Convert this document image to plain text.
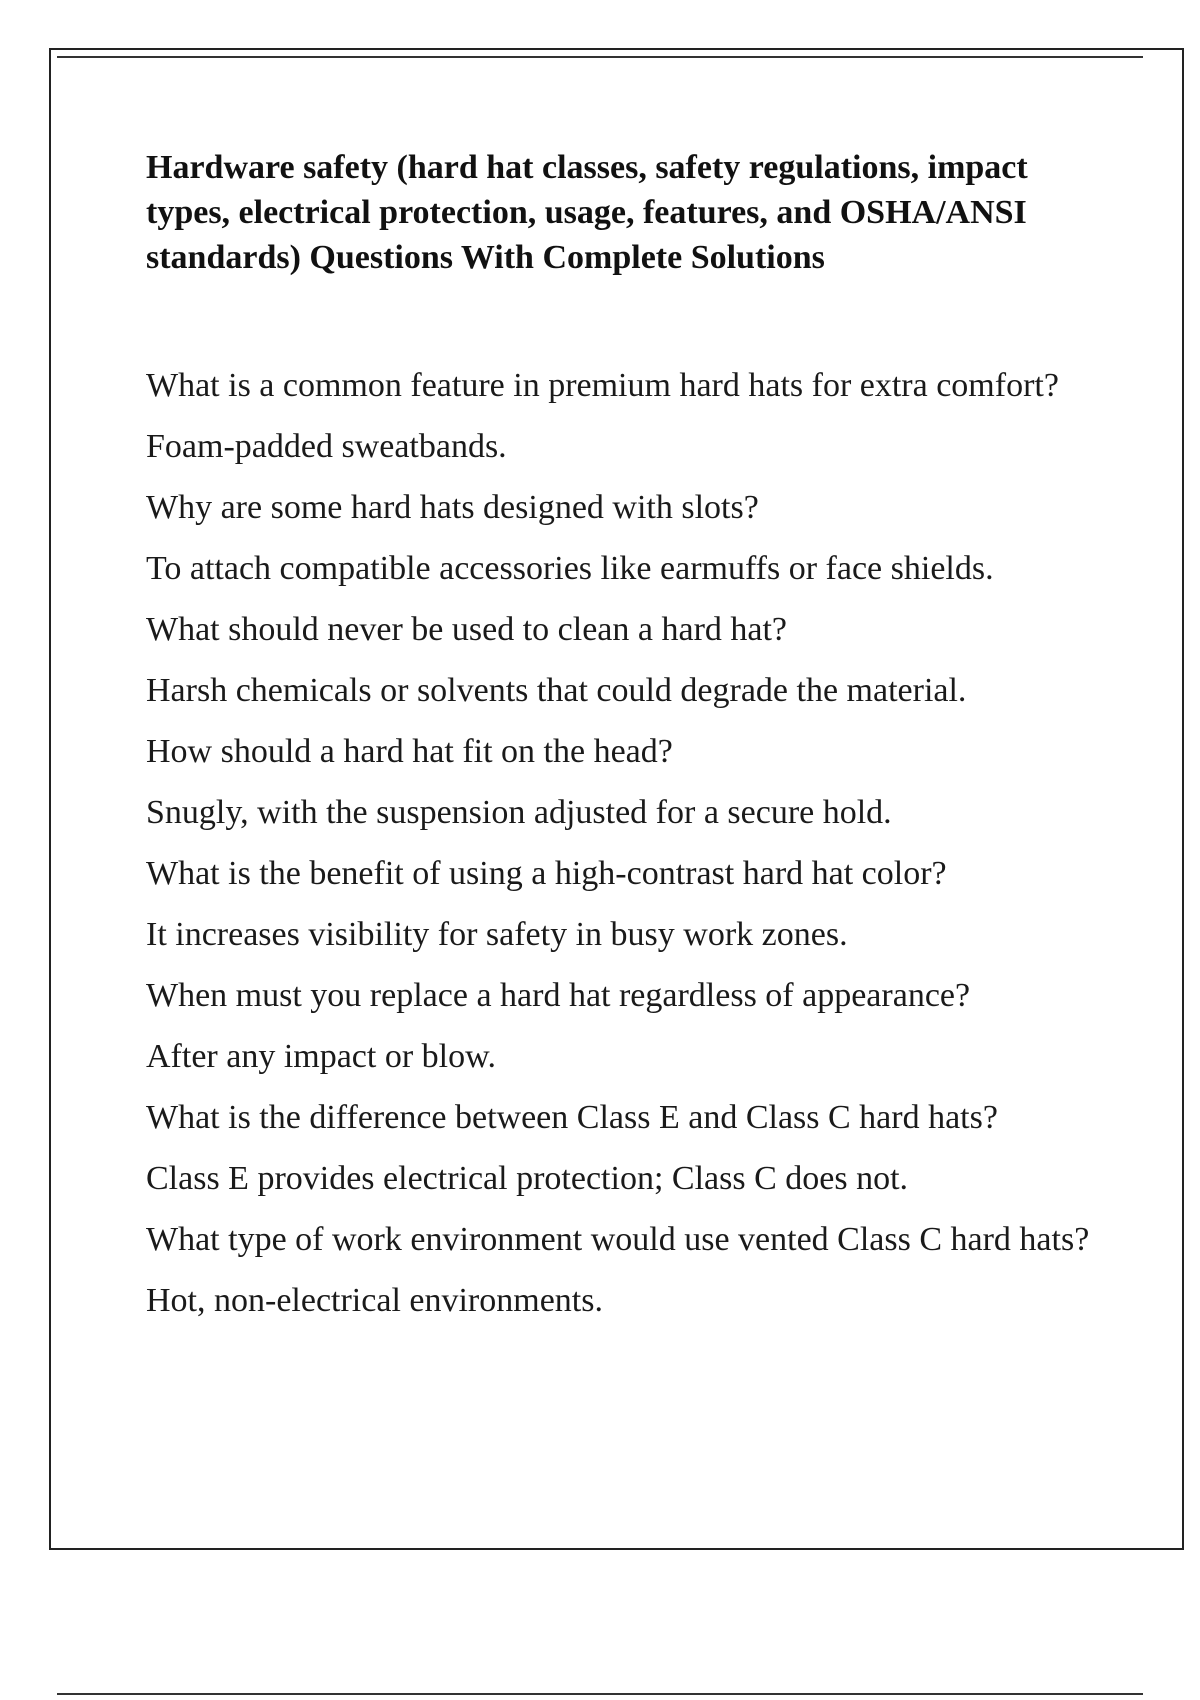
Hardware safety (hard hat classes, safety regulations, impact types, electrical protection, usage, features, and OSHA/ANSI standards) Questions With Complete Solutions

What is a common feature in premium hard hats for extra comfort?

Foam-padded sweatbands.

Why are some hard hats designed with slots?

To attach compatible accessories like earmuffs or face shields.

What should never be used to clean a hard hat?

Harsh chemicals or solvents that could degrade the material.

How should a hard hat fit on the head?

Snugly, with the suspension adjusted for a secure hold.

What is the benefit of using a high-contrast hard hat color?

It increases visibility for safety in busy work zones.

When must you replace a hard hat regardless of appearance?

After any impact or blow.

What is the difference between Class E and Class C hard hats?

Class E provides electrical protection; Class C does not.

What type of work environment would use vented Class C hard hats?

Hot, non-electrical environments.
